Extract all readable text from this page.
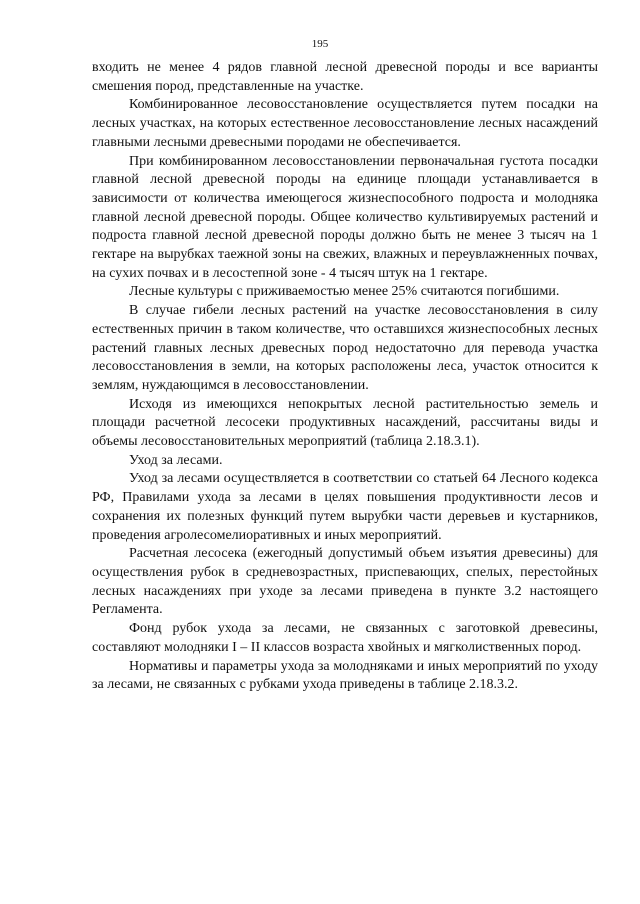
195

входить не менее 4 рядов главной лесной древесной породы и все варианты смешения пород, представленные на участке.

Комбинированное лесовосстановление осуществляется путем посадки на лесных участках, на которых естественное лесовосстановление лесных насаждений главными лесными древесными породами не обеспечивается.

При комбинированном лесовосстановлении первоначальная густота посадки главной лесной древесной породы на единице площади устанавливается в зависимости от количества имеющегося жизнеспособного подроста и молодняка главной лесной древесной породы. Общее количество культивируемых растений и подроста главной лесной древесной породы должно быть не менее 3 тысяч на 1 гектаре на вырубках таежной зоны на свежих, влажных и переувлажненных почвах, на сухих почвах и в лесостепной зоне - 4 тысяч штук на 1 гектаре.

Лесные культуры с приживаемостью менее 25% считаются погибшими.

В случае гибели лесных растений на участке лесовосстановления в силу естественных причин в таком количестве, что оставшихся жизнеспособных лесных растений главных лесных древесных пород недостаточно для перевода участка лесовосстановления в земли, на которых расположены леса, участок относится к землям, нуждающимся в лесовосстановлении.

Исходя из имеющихся непокрытых лесной растительностью земель и площади расчетной лесосеки продуктивных насаждений, рассчитаны виды и объемы лесовосстановительных мероприятий (таблица 2.18.3.1).

Уход за лесами.

Уход за лесами осуществляется в соответствии со статьей 64 Лесного кодекса РФ, Правилами ухода за лесами в целях повышения продуктивности лесов и сохранения их полезных функций путем вырубки части деревьев и кустарников, проведения агролесомелиоративных и иных мероприятий.

Расчетная лесосека (ежегодный допустимый объем изъятия древесины) для осуществления рубок в средневозрастных, приспевающих, спелых, перестойных лесных насаждениях при уходе за лесами приведена в пункте 3.2 настоящего Регламента.

Фонд рубок ухода за лесами, не связанных с заготовкой древесины, составляют молодняки I – II классов возраста хвойных и мягколиственных пород.

Нормативы и параметры ухода за молодняками и иных мероприятий по уходу за лесами, не связанных с рубками ухода приведены в таблице 2.18.3.2.
